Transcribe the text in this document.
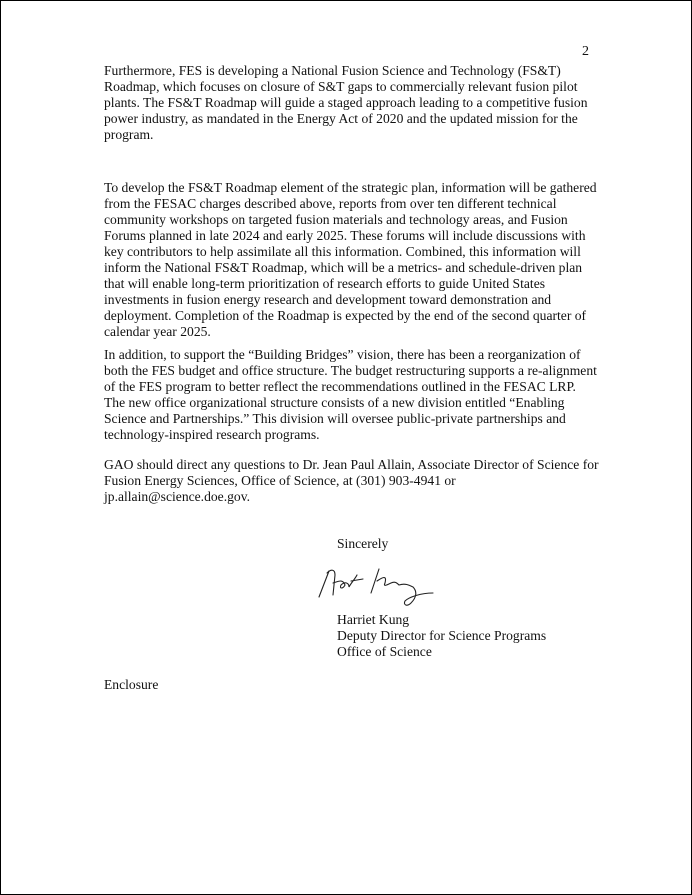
2

Furthermore, FES is developing a National Fusion Science and Technology (FS&T) Roadmap, which focuses on closure of S&T gaps to commercially relevant fusion pilot plants. The FS&T Roadmap will guide a staged approach leading to a competitive fusion power industry, as mandated in the Energy Act of 2020 and the updated mission for the program.

To develop the FS&T Roadmap element of the strategic plan, information will be gathered from the FESAC charges described above, reports from over ten different technical community workshops on targeted fusion materials and technology areas, and Fusion Forums planned in late 2024 and early 2025. These forums will include discussions with key contributors to help assimilate all this information. Combined, this information will inform the National FS&T Roadmap, which will be a metrics- and schedule-driven plan that will enable long-term prioritization of research efforts to guide United States investments in fusion energy research and development toward demonstration and deployment. Completion of the Roadmap is expected by the end of the second quarter of calendar year 2025.

In addition, to support the “Building Bridges” vision, there has been a reorganization of both the FES budget and office structure. The budget restructuring supports a re-alignment of the FES program to better reflect the recommendations outlined in the FESAC LRP. The new office organizational structure consists of a new division entitled “Enabling Science and Partnerships.” This division will oversee public-private partnerships and technology-inspired research programs.

GAO should direct any questions to Dr. Jean Paul Allain, Associate Director of Science for Fusion Energy Sciences, Office of Science, at (301) 903-4941 or jp.allain@science.doe.gov.

Sincerely
Harriet Kung
Deputy Director for Science Programs
Office of Science
Enclosure
